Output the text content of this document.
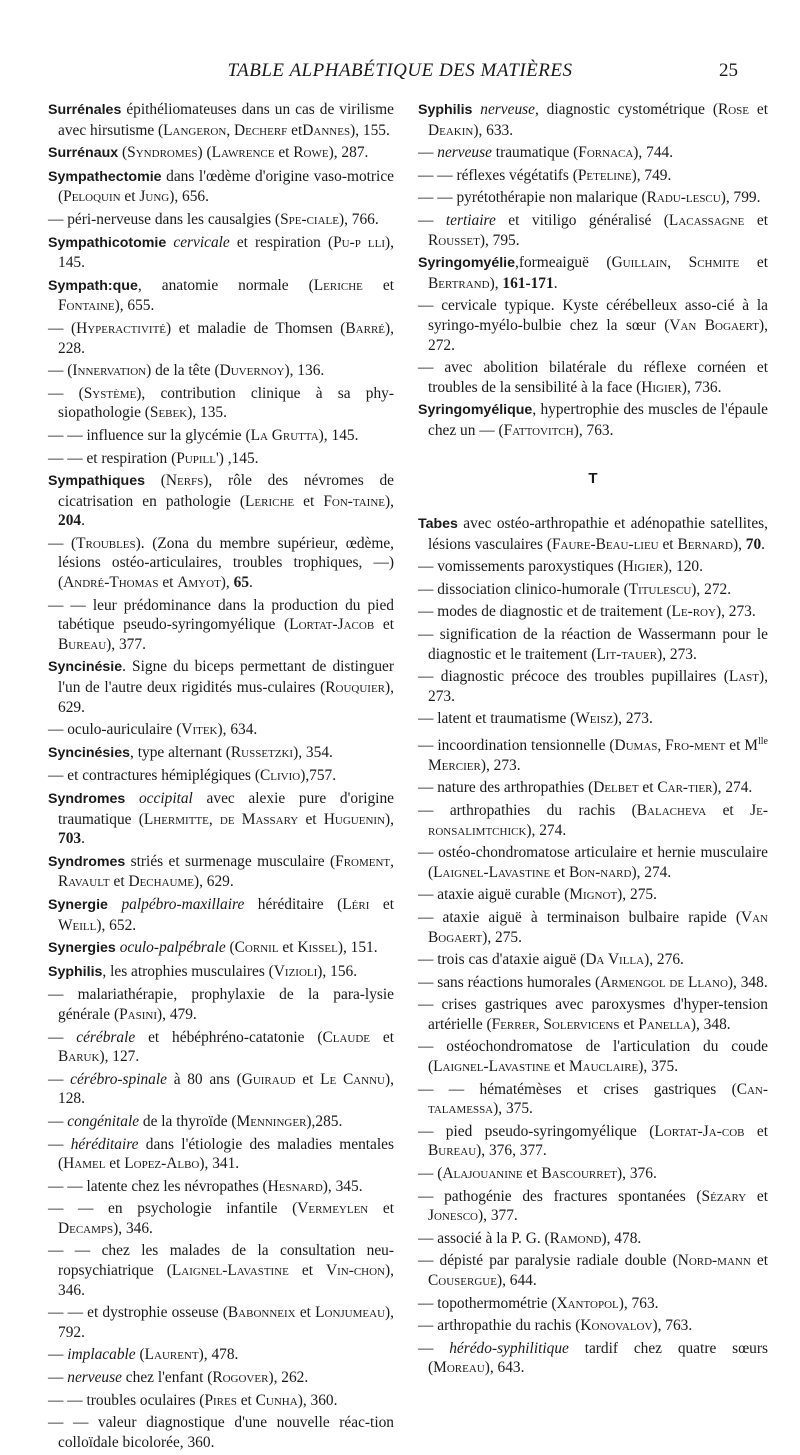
TABLE ALPHABÉTIQUE DES MATIÈRES	25
Surrénales épithéliomateuses dans un cas de virilisme avec hirsutisme (Langeron, Decherf etDannes), 155.
Surrénaux (Syndromes) (Lawrence et Rowe), 287.
Sympathectomie dans l'œdème d'origine vaso-motrice (Peloquin et Jung), 656.
— péri-nerveuse dans les causalgies (Spe-ciale), 766.
Sympathicotomie cervicale et respiration (Pu-p lli), 145.
Sympath:que, anatomie normale (Leriche et Fontaine), 655.
— (Hyperactivité) et maladie de Thomsen (Barré), 228.
— (Innervation) de la tête (Duvernoy), 136.
— (Système), contribution clinique à sa phy-siopathologie (Sebek), 135.
— — influence sur la glycémie (La Grutta), 145.
— — et respiration (Pupill') ,145.
Sympathiques (Nerfs), rôle des névromes de cicatrisation en pathologie (Leriche et Fon-taine), 204.
— (Troubles). (Zona du membre supérieur, œdème, lésions ostéo-articulaires, troubles trophiques, —) (André-Thomas et Amyot), 65.
— — leur prédominance dans la production du pied tabétique pseudo-syringomyélique (Lortat-Jacob et Bureau), 377.
Syncinésie. Signe du biceps permettant de distinguer l'un de l'autre deux rigidités mus-culaires (Rouquier), 629.
— oculo-auriculaire (Vitek), 634.
Syncinésies, type alternant (Russetzki), 354.
— et contractures hémiplégiques (Clivio),757.
Syndromes occipital avec alexie pure d'origine traumatique (Lhermitte, de Massary et Huguenin), 703.
Syndromes striés et surmenage musculaire (Froment, Ravault et Dechaume), 629.
Synergie palpébro-maxillaire héréditaire (Léri et Weill), 652.
Synergies oculo-palpébrale (Cornil et Kissel), 151.
Syphilis, les atrophies musculaires (Vizioli), 156.
— malariathérapie, prophylaxie de la para-lysie générale (Pasini), 479.
— cérébrale et hébéphréno-catatonie (Claude et Baruk), 127.
— cérébro-spinale à 80 ans (Guiraud et Le Cannu), 128.
— congénitale de la thyroïde (Menninger),285.
— héréditaire dans l'étiologie des maladies mentales (Hamel et Lopez-Albo), 341.
— — latente chez les névropathes (Hesnard), 345.
— — en psychologie infantile (Vermeylen et Decamps), 346.
— — chez les malades de la consultation neu-ropsychiatrique (Laignel-Lavastine et Vin-chon), 346.
— — et dystrophie osseuse (Babonneix et Lonjumeau), 792.
— implacable (Laurent), 478.
— nerveuse chez l'enfant (Rogover), 262.
— — troubles oculaires (Pires et Cunha), 360.
— — valeur diagnostique d'une nouvelle réac-tion colloïdale bicolorée, 360.
Syphilis nerveuse, diagnostic cystométrique (Rose et Deakin), 633.
— nerveuse traumatique (Fornaca), 744.
— — réflexes végétatifs (Peteline), 749.
— — pyrétothérapie non malarique (Radu-lescu), 799.
— tertiaire et vitiligo généralisé (Lacassagne et Rousset), 795.
Syringomyélie,formeaiguë (Guillain, Schmite et Bertrand), 161-171.
— cervicale typique. Kyste cérébelleux asso-cié à la syringo-myélo-bulbie chez la sœur (Van Bogaert), 272.
— avec abolition bilatérale du réflexe cornéen et troubles de la sensibilité à la face (Higier), 736.
Syringomyélique, hypertrophie des muscles de l'épaule chez un — (Fattovitch), 763.
T
Tabes avec ostéo-arthropathie et adénopathie satellites, lésions vasculaires (Faure-Beau-lieu et Bernard), 70.
— vomissements paroxystiques (Higier), 120.
— dissociation clinico-humorale (Titulescu), 272.
— modes de diagnostic et de traitement (Le-roy), 273.
— signification de la réaction de Wassermann pour le diagnostic et le traitement (Lit-tauer), 273.
— diagnostic précoce des troubles pupillaires (Last), 273.
— latent et traumatisme (Weisz), 273.
— incoordination tensionnelle (Dumas, Fro-ment et $M^{lle}$ Mercier), 273.
— nature des arthropathies (Delbet et Car-tier), 274.
— arthropathies du rachis (Balacheva et Je-ronsalimtchick), 274.
— ostéo-chondromatose articulaire et hernie musculaire (Laignel-Lavastine et Bon-nard), 274.
— ataxie aiguë curable (Mignot), 275.
— ataxie aiguë à terminaison bulbaire rapide (Van Bogaert), 275.
— trois cas d'ataxie aiguë (Da Villa), 276.
— sans réactions humorales (Armengol de Llano), 348.
— crises gastriques avec paroxysmes d'hyper-tension artérielle (Ferrer, Solervicens et Panella), 348.
— ostéochondromatose de l'articulation du coude (Laignel-Lavastine et Mauclaire), 375.
— — hématémèses et crises gastriques (Can-talamessa), 375.
— pied pseudo-syringomyélique (Lortat-Ja-cob et Bureau), 376, 377.
— (Alajouanine et Bascourret), 376.
— pathogénie des fractures spontanées (Sézary et Jonesco), 377.
— associé à la P. G. (Ramond), 478.
— dépisté par paralysie radiale double (Nord-mann et Cousergue), 644.
— topothermométrie (Xantopol), 763.
— arthropathie du rachis (Konovalov), 763.
— hérédo-syphilitique tardif chez quatre sœurs (Moreau), 643.
